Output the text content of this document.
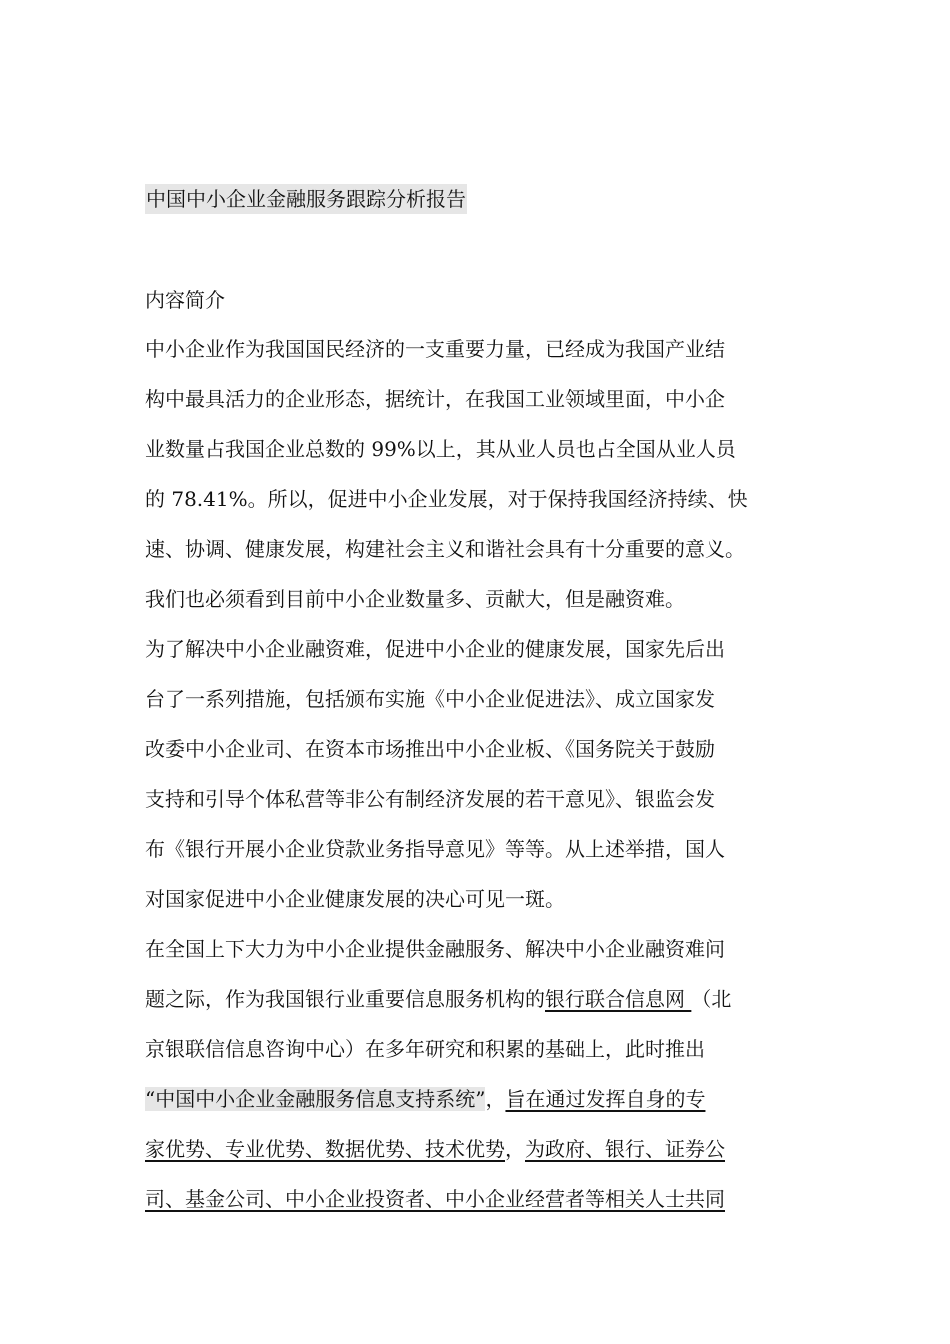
中国中小企业金融服务跟踪分析报告
内容简介
中小企业作为我国国民经济的一支重要力量，已经成为我国产业结
构中最具活力的企业形态，据统计，在我国工业领域里面，中小企
业数量占我国企业总数的 99%以上，其从业人员也占全国从业人员
的 78.41%。所以，促进中小企业发展，对于保持我国经济持续、快
速、协调、健康发展，构建社会主义和谐社会具有十分重要的意义。
我们也必须看到目前中小企业数量多、贡献大，但是融资难。
为了解决中小企业融资难，促进中小企业的健康发展，国家先后出
台了一系列措施，包括颁布实施《中小企业促进法》、成立国家发
改委中小企业司、在资本市场推出中小企业板、《国务院关于鼓励
支持和引导个体私营等非公有制经济发展的若干意见》、银监会发
布《银行开展小企业贷款业务指导意见》等等。从上述举措，国人
对国家促进中小企业健康发展的决心可见一斑。
在全国上下大力为中小企业提供金融服务、解决中小企业融资难问
题之际，作为我国银行业重要信息服务机构的银行联合信息网 （北
京银联信信息咨询中心）在多年研究和积累的基础上，此时推出
“中国中小企业金融服务信息支持系统”，旨在通过发挥自身的专
家优势、专业优势、数据优势、技术优势，为政府、银行、证券公
司、基金公司、中小企业投资者、中小企业经营者等相关人士共同
